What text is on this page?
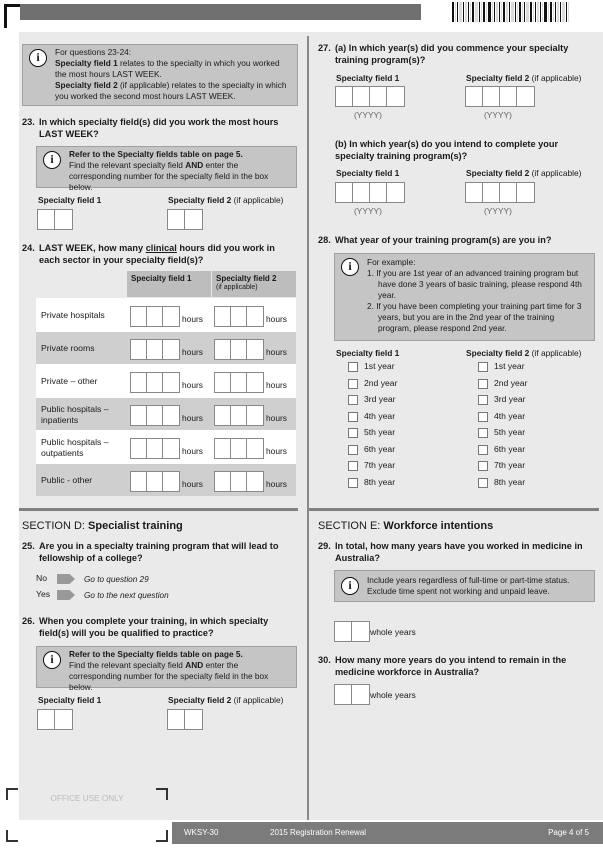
i	For questions 23-24:
Specialty field 1 relates to the specialty in which you worked the most hours LAST WEEK.
Specialty field 2 (if applicable) relates to the specialty in which you worked the second most hours LAST WEEK.
23. In which specialty field(s) did you work the most hours LAST WEEK?
i	Refer to the Specialty fields table on page 5.
Find the relevant specialty field AND enter the corresponding number for the specialty field in the box below.
Specialty field 1	Specialty field 2 (if applicable)
24. LAST WEEK, how many clinical hours did you work in each sector in your specialty field(s)?
Specialty field 1	Specialty field 2
(if applicable)
Private hospitals	hours	hours
Private rooms	hours	hours
Private – other	hours	hours
Public hospitals – inpatients	hours	hours
Public hospitals – outpatients	hours	hours
Public - other	hours	hours
SECTION D: Specialist training
25. Are you in a specialty training program that will lead to fellowship of a college?
No	Go to question 29
Yes	Go to the next question
26. When you complete your training, in which specialty field(s) will you be qualified to practice?
i	Refer to the Specialty fields table on page 5.
Find the relevant specialty field AND enter the corresponding number for the specialty field in the box below.
Specialty field 1	Specialty field 2 (if applicable)
OFFICE USE ONLY
27. (a) In which year(s) did you commence your specialty training program(s)?
Specialty field 1	Specialty field 2 (if applicable)
(YYYY)	(YYYY)
(b) In which year(s) do you intend to complete your specialty training program(s)?
Specialty field 1	Specialty field 2 (if applicable)
(YYYY)	(YYYY)
28. What year of your training program(s) are you in?
i	For example:
1. If you are 1st year of an advanced training program but have done 3 years of basic training, please respond 4th year.
2. If you have been completing your training part time for 3 years, but you are in the 2nd year of the training program, please respond 2nd year.
Specialty field 1	Specialty field 2 (if applicable)
1st year	1st year
2nd year	2nd year
3rd year	3rd year
4th year	4th year
5th year	5th year
6th year	6th year
7th year	7th year
8th year	8th year
SECTION E: Workforce intentions
29. In total, how many years have you worked in medicine in Australia?
i	Include years regardless of full-time or part-time status.
Exclude time spent not working and unpaid leave.
whole years
30. How many more years do you intend to remain in the medicine workforce in Australia?
whole years
WKSY-30	2015 Registration Renewal	Page 4 of 5
